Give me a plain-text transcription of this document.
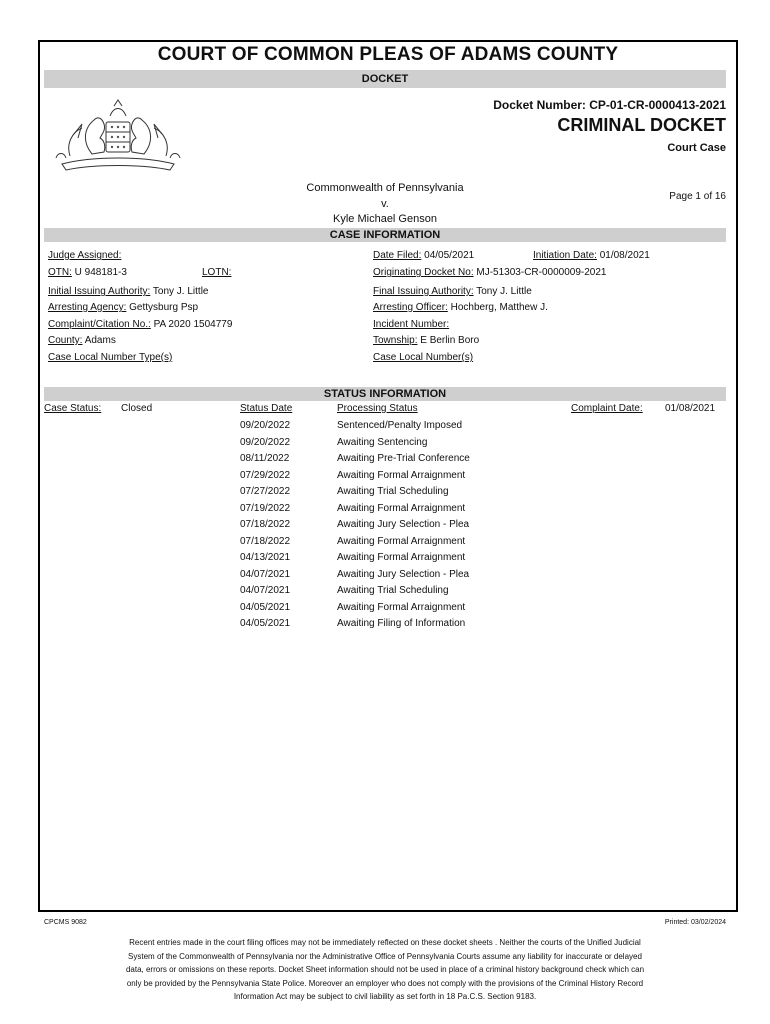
COURT OF COMMON PLEAS OF ADAMS COUNTY
DOCKET
Docket Number: CP-01-CR-0000413-2021
CRIMINAL DOCKET
Court Case
Commonwealth of Pennsylvania
v.
Kyle Michael Genson
Page 1 of 16
CASE INFORMATION
Judge Assigned:
OTN: U 948181-3	LOTN:
Initial Issuing Authority: Tony J. Little
Arresting Agency: Gettysburg Psp
Complaint/Citation No.: PA 2020 1504779
County: Adams
Case Local Number Type(s)
Date Filed: 04/05/2021	Initiation Date: 01/08/2021
Originating Docket No: MJ-51303-CR-0000009-2021
Final Issuing Authority: Tony J. Little
Arresting Officer: Hochberg, Matthew J.
Incident Number:
Township: E Berlin Boro
Case Local Number(s)
STATUS INFORMATION
Case Status: Closed	Status Date	Processing Status	Complaint Date: 01/08/2021
09/20/2022	Sentenced/Penalty Imposed
09/20/2022	Awaiting Sentencing
08/11/2022	Awaiting Pre-Trial Conference
07/29/2022	Awaiting Formal Arraignment
07/27/2022	Awaiting Trial Scheduling
07/19/2022	Awaiting Formal Arraignment
07/18/2022	Awaiting Jury Selection - Plea
07/18/2022	Awaiting Formal Arraignment
04/13/2021	Awaiting Formal Arraignment
04/07/2021	Awaiting Jury Selection - Plea
04/07/2021	Awaiting Trial Scheduling
04/05/2021	Awaiting Formal Arraignment
04/05/2021	Awaiting Filing of Information
CPCMS 9082	Printed: 03/02/2024
Recent entries made in the court filing offices may not be immediately reflected on these docket sheets . Neither the courts of the Unified Judicial
System of the Commonwealth of Pennsylvania nor the Administrative Office of Pennsylvania Courts assume any liability for inaccurate or delayed
data, errors or omissions on these reports. Docket Sheet information should not be used in place of a criminal history background check which can
only be provided by the Pennsylvania State Police. Moreover an employer who does not comply with the provisions of the Criminal History Record
Information Act may be subject to civil liability as set forth in 18 Pa.C.S. Section 9183.
